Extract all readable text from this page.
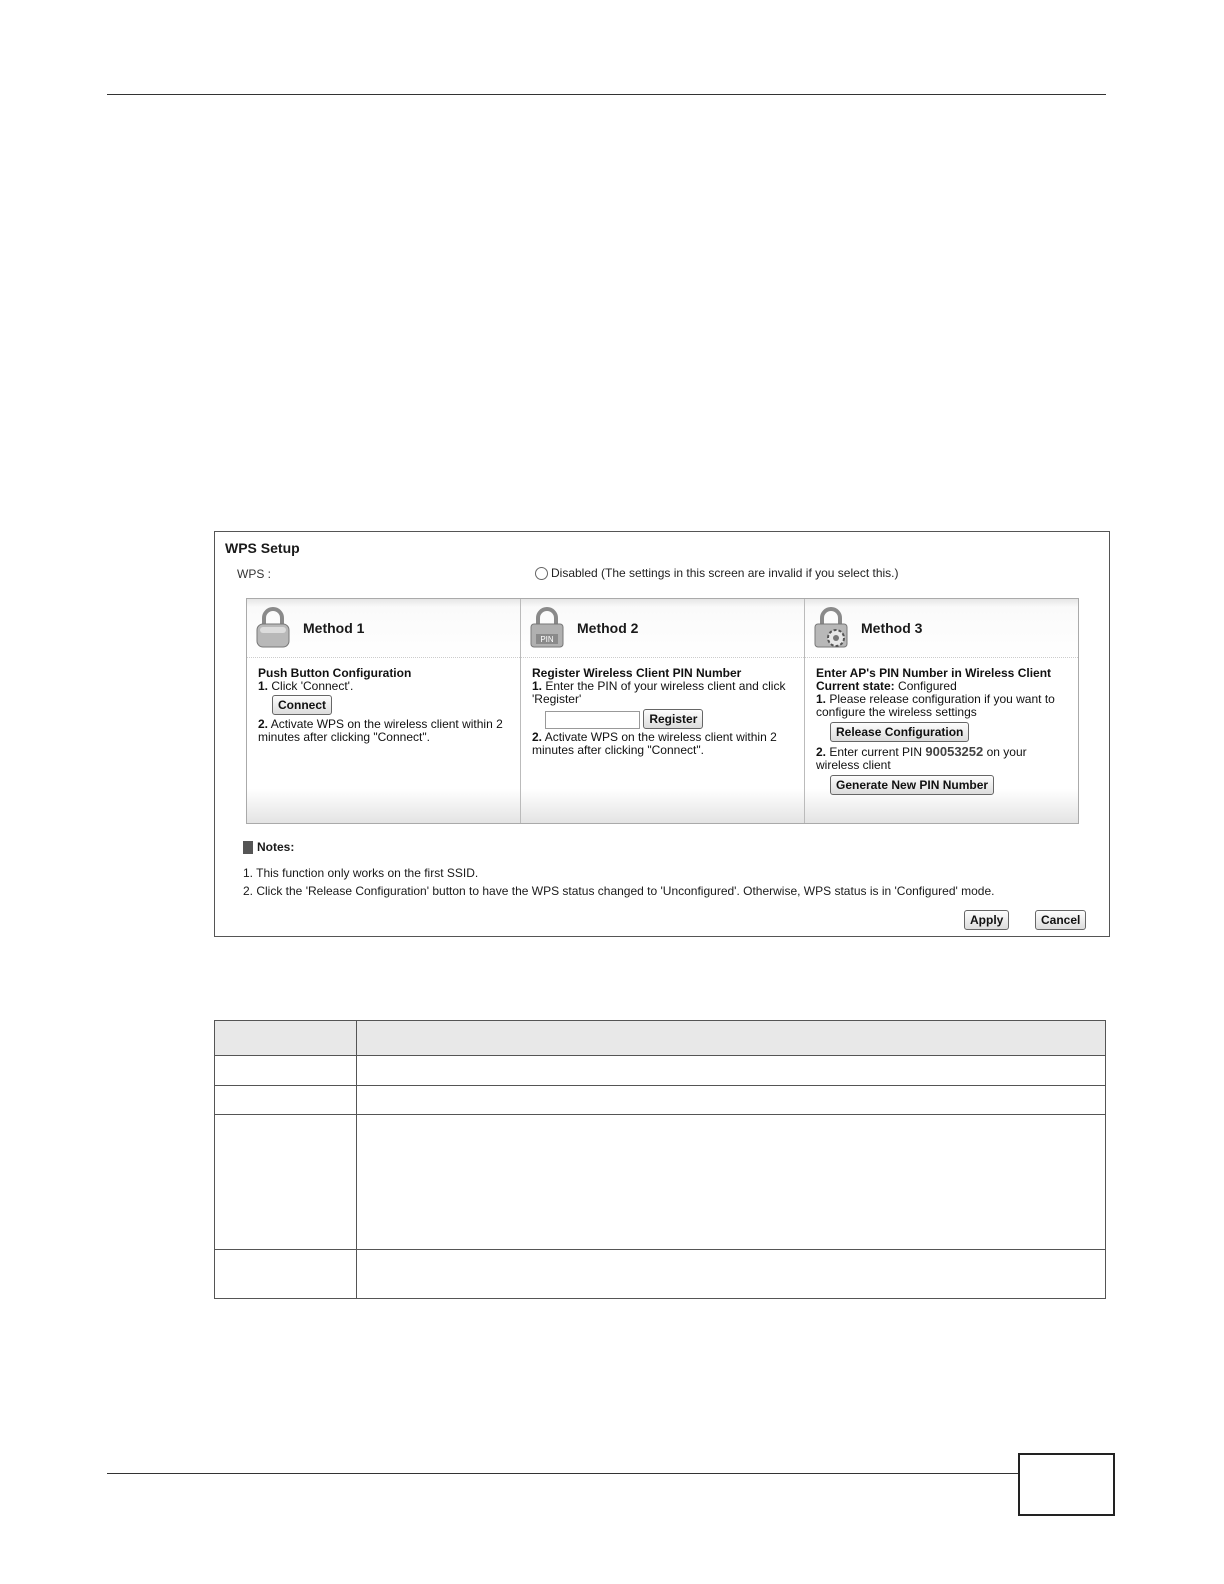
WPS Setup
WPS :	Disabled (The settings in this screen are invalid if you select this.)
Method 1
Push Button Configuration
1. Click 'Connect'.
Connect
2. Activate WPS on the wireless client within 2 minutes after clicking "Connect".
PIN
Method 2
Register Wireless Client PIN Number
1. Enter the PIN of your wireless client and click 'Register'
Register
2. Activate WPS on the wireless client within 2 minutes after clicking "Connect".
Method 3
Enter AP's PIN Number in Wireless Client
Current state: Configured
1. Please release configuration if you want to configure the wireless settings
Release Configuration
2. Enter current PIN 90053252 on your wireless client
Generate New PIN Number
Notes:
1. This function only works on the first SSID.
2. Click the 'Release Configuration' button to have the WPS status changed to 'Unconfigured'. Otherwise, WPS status is in 'Configured' mode.
Apply	Cancel
